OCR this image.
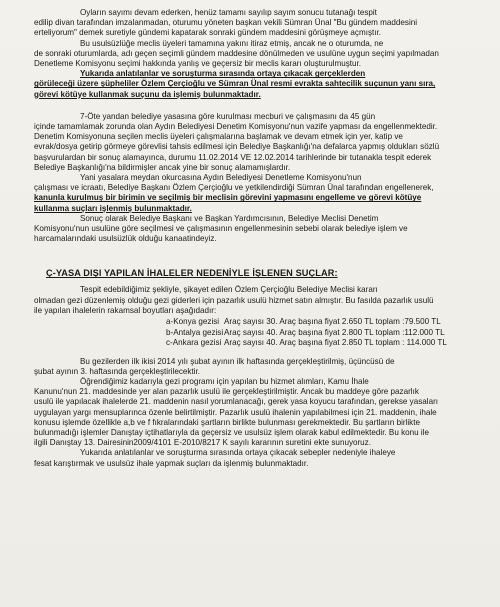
Oyların sayımı devam ederken, henüz tamamı sayılıp sayım sonucu tutanağı tespit
edilip divan tarafından imzalanmadan, oturumu yöneten başkan vekili Sümran Ünal "Bu gündem maddesini
erteliyorum" demek suretiyle gündemi kapatarak sonraki gündem maddesini görüşmeye açmıştır.

Bu usulsüzlüğe meclis üyeleri tamamına yakını itiraz etmiş, ancak ne o oturumda, ne
de sonraki oturumlarda, adı geçen seçimli gündem maddesine dönülmeden ve usulüne uygun seçimi yapılmadan
Denetleme Komisyonu seçimi hakkında yanlış ve geçersiz bir meclis kararı oluşturulmuştur.

Yukarıda anlatılanlar ve soruşturma sırasında ortaya çıkacak gerçeklerden
görüleceği üzere şüpheliler Özlem Çerçioğlu ve Sümran Ünal resmi evrakta sahtecilik suçunun yanı sıra,
görevi kötüye kullanmak suçunu da işlemiş bulunmaktadır.

7-Öte yandan belediye yasasına göre kurulması mecburi ve çalışmasını da 45 gün
içinde tamamlamak zorunda olan Aydın Belediyesi Denetim Komisyonu'nun vazife yapması da engellenmektedir.
Denetim Komisyonuna seçilen meclis üyeleri çalışmalarına başlamak ve devam etmek için yer, katip ve
evrak/dosya getirip görmeye görevlisi tahsis edilmesi için Belediye Başkanlığı'na defalarca yapmış oldukları sözlü
başvurulardan bir sonuç alamayınca, durumu 11.02.2014 VE 12.02.2014 tarihlerinde bir tutanakla tespit ederek
Belediye Başkanlığı'na bildirmişler ancak yine bir sonuç alamamışlardır.

Yani yasalara meydan okurcasına Aydın Belediyesi Denetleme Komisyonu'nun
çalışması ve icraatı, Belediye Başkanı Özlem Çerçioğlu ve yetkilendirdiği Sümran Ünal tarafından engellenerek,
kanunla kurulmuş bir birimin ve seçilmiş bir meclisin görevini yapmasını engelleme ve görevi kötüye
kullanma suçları işlenmiş bulunmaktadır.

Sonuç olarak Belediye Başkanı ve Başkan Yardımcısının, Belediye Meclisi Denetim
Komisyonu'nun usulüne göre seçilmesi ve çalışmasının engellenmesinin sebebi olarak belediye işlem ve
harcamalarındaki usulsüzlük olduğu kanaatindeyiz.

Ç-YASA DIŞI YAPILAN İHALELER NEDENİYLE İŞLENEN SUÇLAR:

Tespit edebildiğimiz şekliyle, şikayet edilen Özlem Çerçioğlu Belediye Meclisi kararı
olmadan gezi düzenlemiş olduğu gezi giderleri için pazarlık usulü hizmet satın almıştır. Bu fasılda pazarlık usulü
ile yapılan ihalelerin rakamsal boyutları aşağıdadır:

a-Konya gezisi Araç sayısı 30. Araç başına fiyat 2.650 TL toplam :79.500 TL
b-Antalya gezisi Araç sayısı 40. Araç başına fiyat 2.800 TL toplam :112.000 TL
c-Ankara gezisi Araç sayısı 40. Araç başına fiyat 2.850 TL toplam : 114.000 TL

Bu gezilerden ilk ikisi 2014 yılı şubat ayının ilk haftasında gerçekleştirilmiş, üçüncüsü de
şubat ayının 3. haftasında gerçekleştirilecektir.

Öğrendiğimiz kadarıyla gezi programı için yapılan bu hizmet alımları, Kamu İhale
Kanunu'nun 21. maddesinde yer alan pazarlık usulü ile gerçekleştirilmiştir. Ancak bu maddeye göre pazarlık
usulü ile yapılacak ihalelerde 21. maddenin nasıl yorumlanacağı, gerek yasa koyucu tarafından, gerekse yasaları
uygulayan yargı mensuplarınca özenle belirtilmiştir. Pazarlık usulü ihalenin yapılabilmesi için 21. maddenin, ihale
konusu işlemde özellikle a,b ve f fıkralarındaki şartların birlikte bulunması gerekmektedir. Bu şartların birlikte
bulunmadığı işlemler Danıştay içtihatlarıyla da geçersiz ve usulsüz işlem olarak kabul edilmektedir. Bu konu ile
ilgili Danıştay 13. Dairesinin2009/4101 E-2010/8217 K sayılı kararının suretini ekte sunuyoruz.

Yukarıda anlatılanlar ve soruşturma sırasında ortaya çıkacak sebepler nedeniyle ihaleye
fesat karıştırmak ve usulsüz ihale yapmak suçları da işlenmiş bulunmaktadır.
